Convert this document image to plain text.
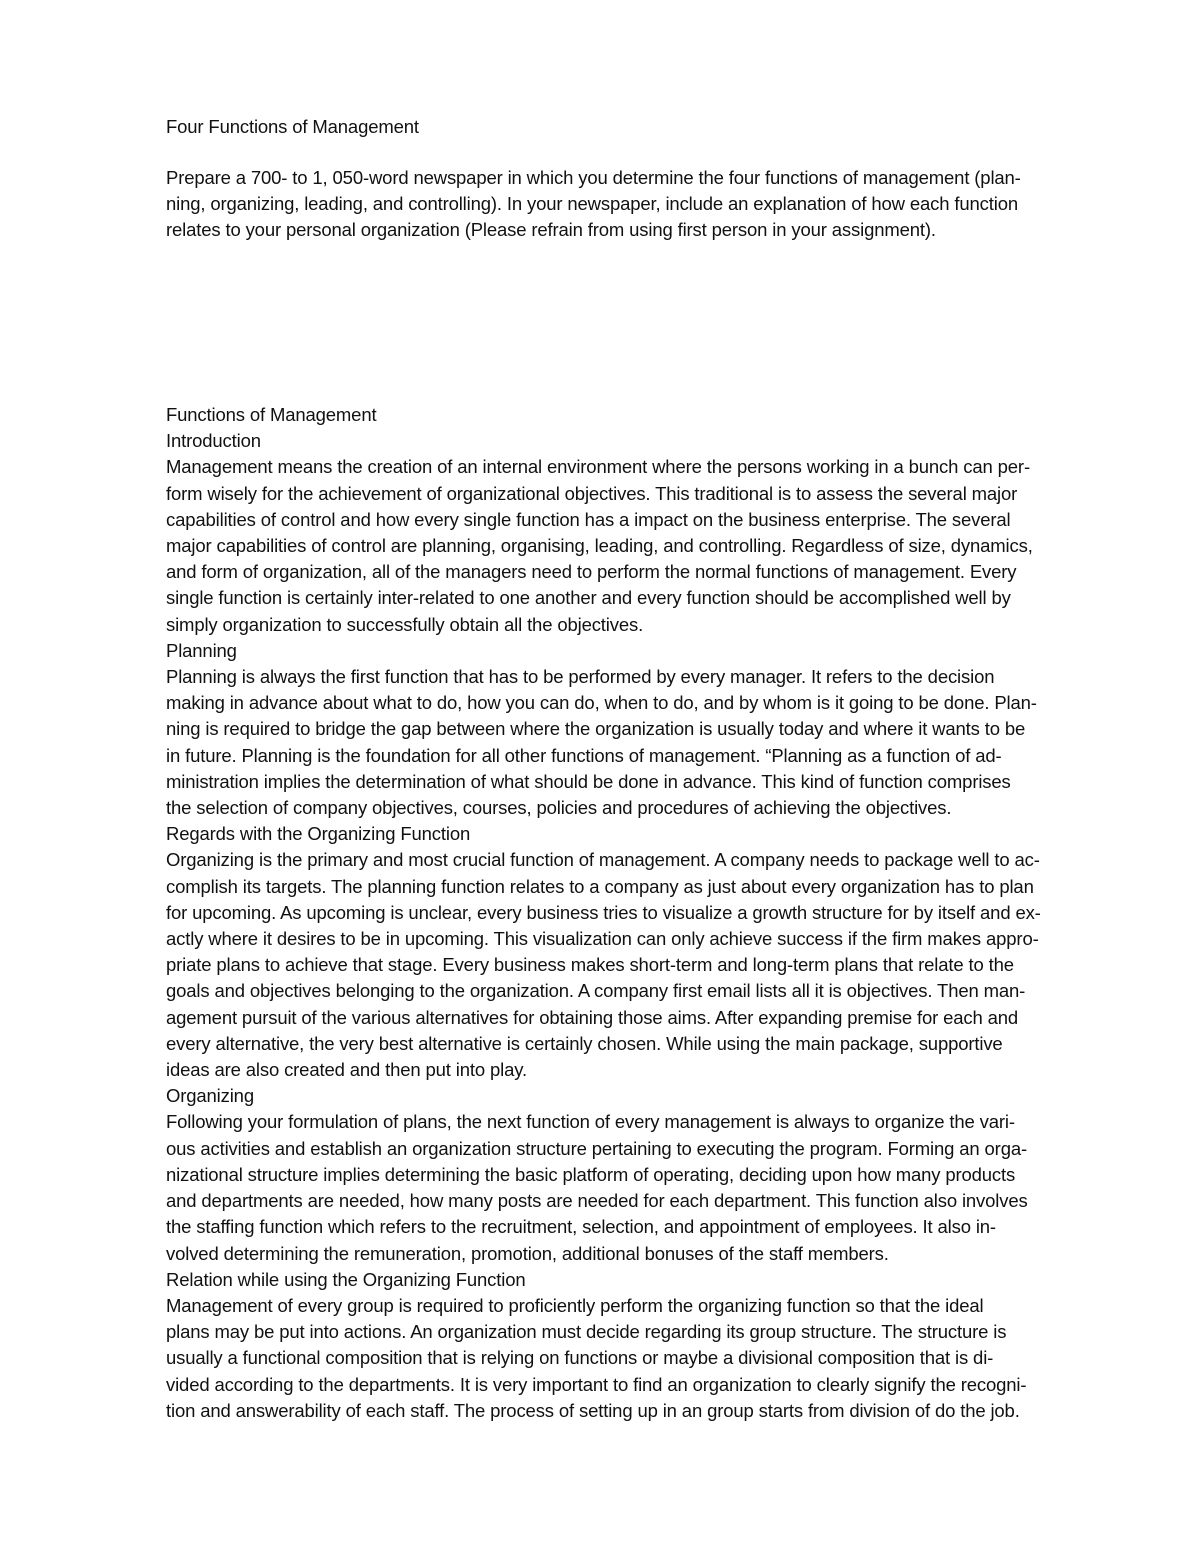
Four Functions of Management
Prepare a 700- to 1, 050-word newspaper in which you determine the four functions of management (plan-
ning, organizing, leading, and controlling). In your newspaper, include an explanation of how each function
relates to your personal organization (Please refrain from using first person in your assignment).
Functions of Management
Introduction
Management means the creation of an internal environment where the persons working in a bunch can per-
form wisely for the achievement of organizational objectives. This traditional is to assess the several major
capabilities of control and how every single function has a impact on the business enterprise. The several
major capabilities of control are planning, organising, leading, and controlling. Regardless of size, dynamics,
and form of organization, all of the managers need to perform the normal functions of management. Every
single function is certainly inter-related to one another and every function should be accomplished well by
simply organization to successfully obtain all the objectives.
Planning
Planning is always the first function that has to be performed by every manager. It refers to the decision
making in advance about what to do, how you can do, when to do, and by whom is it going to be done. Plan-
ning is required to bridge the gap between where the organization is usually today and where it wants to be
in future. Planning is the foundation for all other functions of management. “Planning as a function of ad-
ministration implies the determination of what should be done in advance. This kind of function comprises
the selection of company objectives, courses, policies and procedures of achieving the objectives.
Regards with the Organizing Function
Organizing is the primary and most crucial function of management. A company needs to package well to ac-
complish its targets. The planning function relates to a company as just about every organization has to plan
for upcoming. As upcoming is unclear, every business tries to visualize a growth structure for by itself and ex-
actly where it desires to be in upcoming. This visualization can only achieve success if the firm makes appro-
priate plans to achieve that stage. Every business makes short-term and long-term plans that relate to the
goals and objectives belonging to the organization. A company first email lists all it is objectives. Then man-
agement pursuit of the various alternatives for obtaining those aims. After expanding premise for each and
every alternative, the very best alternative is certainly chosen. While using the main package, supportive
ideas are also created and then put into play.
Organizing
Following your formulation of plans, the next function of every management is always to organize the vari-
ous activities and establish an organization structure pertaining to executing the program. Forming an orga-
nizational structure implies determining the basic platform of operating, deciding upon how many products
and departments are needed, how many posts are needed for each department. This function also involves
the staffing function which refers to the recruitment, selection, and appointment of employees. It also in-
volved determining the remuneration, promotion, additional bonuses of the staff members.
Relation while using the Organizing Function
Management of every group is required to proficiently perform the organizing function so that the ideal
plans may be put into actions. An organization must decide regarding its group structure. The structure is
usually a functional composition that is relying on functions or maybe a divisional composition that is di-
vided according to the departments. It is very important to find an organization to clearly signify the recogni-
tion and answerability of each staff. The process of setting up in an group starts from division of do the job.
